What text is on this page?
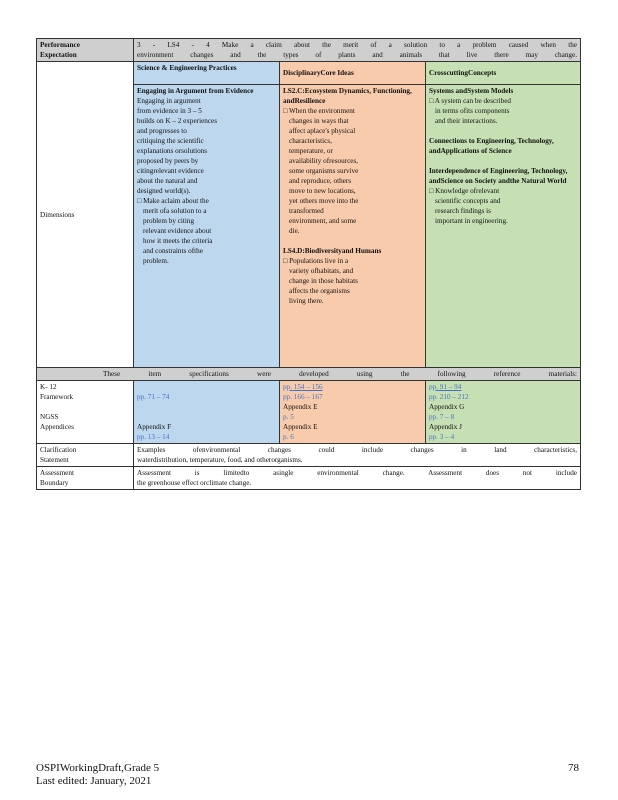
Performance

Expectation

3 - LS4 - 4 Make a claim about the merit of a solution to a problem caused when the

environment changes and the types of plants and animals that live there may change.

Dimensions
Science & Engineering Practices
DisciplinaryCore Ideas	CrosscuttingConcepts

Engaging in Argument from Evidence

Engaging in argument

from evidence in 3 – 5

builds on K – 2 experiences

and progresses to

critiquing the scientific

explanations orsolutions

proposed by peers by

citingrelevant evidence

about the natural and

designed world(s).

□ Make aclaim about the

merit ofa solution to a

problem by citing

relevant evidence about

how it meets the criteria

and constraints ofthe

problem.

LS2.C:Ecosystem Dynamics, Functioning, andResilience

□ When the environment

changes in ways that

affect aplace's physical

characteristics,

temperature, or

availability ofresources,

some organisms survive

and reproduce, others

move to new locations,

yet others move into the

transformed

environment, and some

die.

LS4.D:Biodiversityand Humans

□ Populations live in a

variety ofhabitats, and

change in those habitats

affects the organisms

living there.

Systems andSystem Models

□ A system can be described

in terms ofits components

and their interactions.

Connections to Engineering, Technology, andApplications of Science

Interdependence of Engineering, Technology, andScience on Society andthe Natural World

□ Knowledge ofrelevant

scientific concepts and

research findings is

important in engineering.

These item specifications were developed using the following reference materials:

K- 12

Framework

NGSS

Appendices

pp. 71 – 74

Appendix F

pp. 13 – 14

pp. 154 – 156

pp. 166 – 167

Appendix E

p. 5

Appendix E

p. 6

pp. 91 – 94

pp. 210 – 212

Appendix G

pp. 7 – 8

Appendix J

pp. 3 – 4

Clarification

Statement

Examples ofenvironmental changes could include changes in land characteristics,

waterdistribution, temperature, food, and otherorganisms.

Assessment

Boundary

Assessment is limitedto asingle environmental change. Assessment does not include

the greenhouse effect orclimate change.

OSPIWorkingDraft,Grade 5

Last edited: January, 2021

78
